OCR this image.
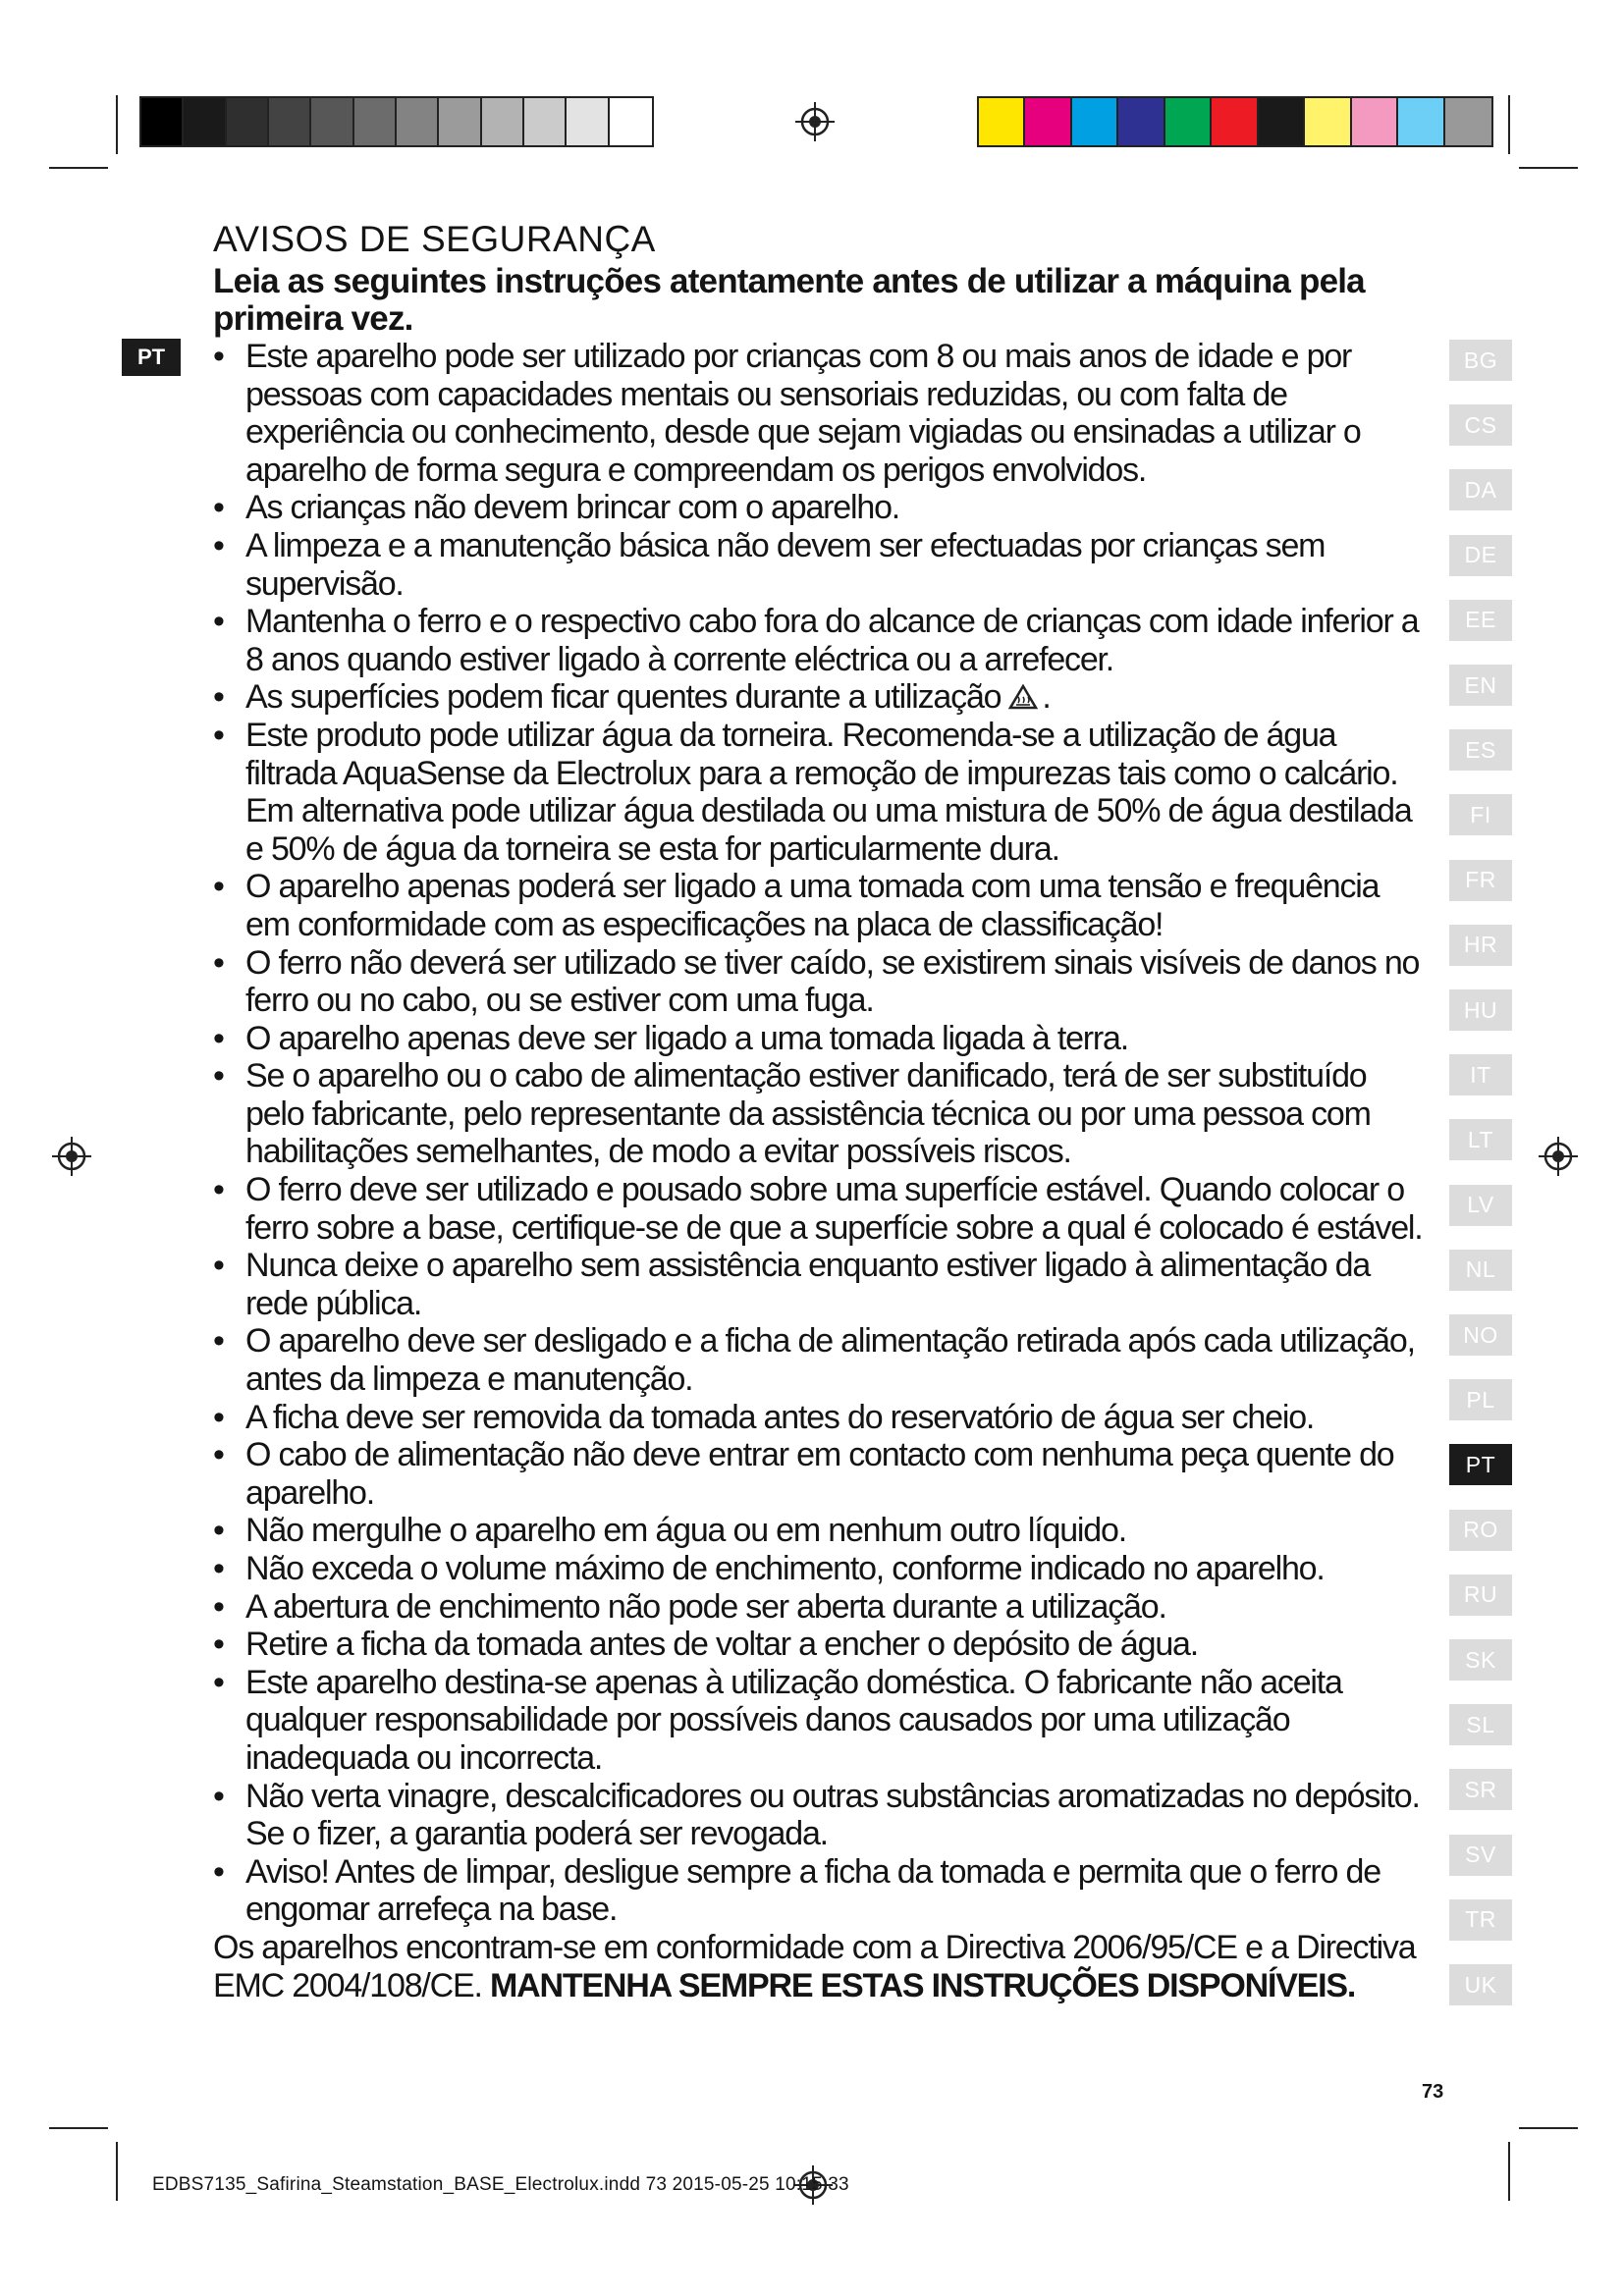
PT
AVISOS DE SEGURANÇA

Leia as seguintes instruções atentamente antes de utilizar a máquina pela primeira vez.

• Este aparelho pode ser utilizado por crianças com 8 ou mais anos de idade e por pessoas com capacidades mentais ou sensoriais reduzidas, ou com falta de experiência ou conhecimento, desde que sejam vigiadas ou ensinadas a utilizar o aparelho de forma segura e compreendam os perigos envolvidos.
• As crianças não devem brincar com o aparelho.
• A limpeza e a manutenção básica não devem ser efectuadas por crianças sem supervisão.
• Mantenha o ferro e o respectivo cabo fora do alcance de crianças com idade inferior a 8 anos quando estiver ligado à corrente eléctrica ou a arrefecer.
• As superfícies podem ficar quentes durante a utilização .
• Este produto pode utilizar água da torneira. Recomenda-se a utilização de água filtrada AquaSense da Electrolux para a remoção de impurezas tais como o calcário. Em alternativa pode utilizar água destilada ou uma mistura de 50% de água destilada e 50% de água da torneira se esta for particularmente dura.
• O aparelho apenas poderá ser ligado a uma tomada com uma tensão e frequência em conformidade com as especificações na placa de classificação!
• O ferro não deverá ser utilizado se tiver caído, se existirem sinais visíveis de danos no ferro ou no cabo, ou se estiver com uma fuga.
• O aparelho apenas deve ser ligado a uma tomada ligada à terra.
• Se o aparelho ou o cabo de alimentação estiver danificado, terá de ser substituído pelo fabricante, pelo representante da assistência técnica ou por uma pessoa com habilitações semelhantes, de modo a evitar possíveis riscos.
• O ferro deve ser utilizado e pousado sobre uma superfície estável. Quando colocar o ferro sobre a base, certifique-se de que a superfície sobre a qual é colocado é estável.
• Nunca deixe o aparelho sem assistência enquanto estiver ligado à alimentação da rede pública.
• O aparelho deve ser desligado e a ficha de alimentação retirada após cada utilização, antes da limpeza e manutenção.
• A ficha deve ser removida da tomada antes do reservatório de água ser cheio.
• O cabo de alimentação não deve entrar em contacto com nenhuma peça quente do aparelho.
• Não mergulhe o aparelho em água ou em nenhum outro líquido.
• Não exceda o volume máximo de enchimento, conforme indicado no aparelho.
• A abertura de enchimento não pode ser aberta durante a utilização.
• Retire a ficha da tomada antes de voltar a encher o depósito de água.
• Este aparelho destina-se apenas à utilização doméstica. O fabricante não aceita qualquer responsabilidade por possíveis danos causados por uma utilização inadequada ou incorrecta.
• Não verta vinagre, descalcificadores ou outras substâncias aromatizadas no depósito. Se o fizer, a garantia poderá ser revogada.
• Aviso! Antes de limpar, desligue sempre a ficha da tomada e permita que o ferro de engomar arrefeça na base.

Os aparelhos encontram-se em conformidade com a Directiva 2006/95/CE e a Directiva EMC 2004/108/CE. MANTENHA SEMPRE ESTAS INSTRUÇÕES DISPONÍVEIS.

BG
CS
DA
DE
EE
EN
ES
FI
FR
HR
HU
IT
LT
LV
NL
NO
PL
PT
RO
RU
SK
SL
SR
SV
TR
UK
73
EDBS7135_Safirina_Steamstation_BASE_Electrolux.indd 73 2015-05-25 10:15:33
